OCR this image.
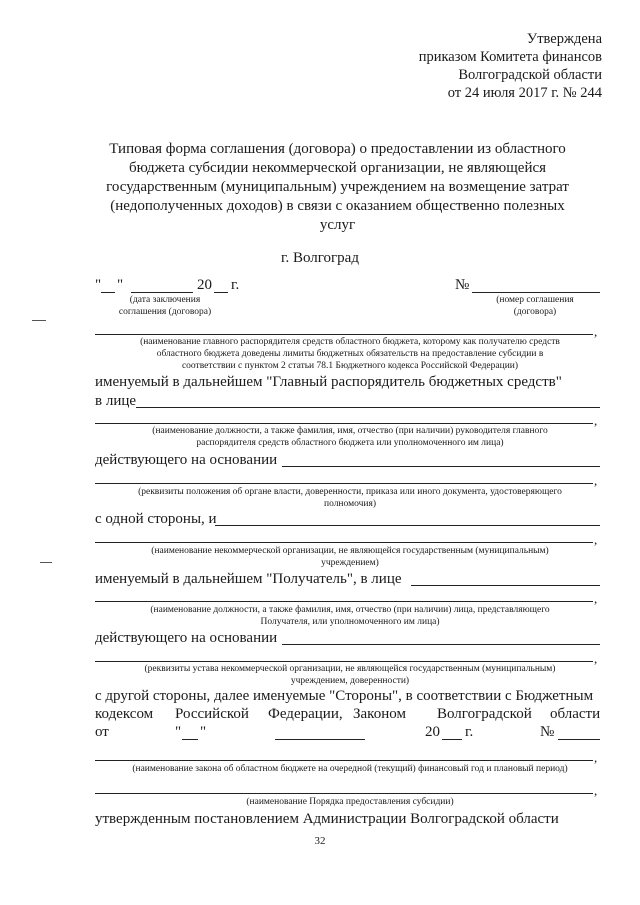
Утверждена
приказом Комитета финансов
Волгоградской области
от 24 июля 2017 г. № 244
Типовая форма соглашения (договора) о предоставлении из областного
бюджета субсидии некоммерческой организации, не являющейся
государственным (муниципальным) учреждением на возмещение затрат
(недополученных доходов) в связи с оказанием общественно полезных
услуг
г. Волгоград
" "	20 г.	№
(дата заключения
соглашения (договора)
(номер соглашения
(договора)
,
(наименование главного распорядителя средств областного бюджета, которому как получателю средств
областного бюджета доведены лимиты бюджетных обязательств на предоставление субсидии в
соответствии с пунктом 2 статьи 78.1 Бюджетного кодекса Российской Федерации)
именуемый в дальнейшем "Главный распорядитель бюджетных средств"
в лице
,
(наименование должности, а также фамилия, имя, отчество (при наличии) руководителя главного
распорядителя средств областного бюджета или уполномоченного им лица)
действующего на основании
,
(реквизиты положения об органе власти, доверенности, приказа или иного документа, удостоверяющего
полномочия)
с одной стороны, и
,
(наименование некоммерческой организации, не являющейся государственным (муниципальным)
учреждением)
именуемый в дальнейшем "Получатель", в лице
,
(наименование должности, а также фамилия, имя, отчество (при наличии) лица, представляющего
Получателя, или уполномоченного им лица)
действующего на основании
,
(реквизиты устава некоммерческой организации, не являющейся государственным (муниципальным)
учреждением, доверенности)
с другой стороны, далее именуемые "Стороны", в соответствии с Бюджетным
кодексом Российской Федерации, Законом Волгоградской области
от	" "	20 г.	№
,
(наименование закона об областном бюджете на очередной (текущий) финансовый год и плановый период)
,
(наименование Порядка предоставления субсидии)
утвержденным постановлением Администрации Волгоградской области
32
